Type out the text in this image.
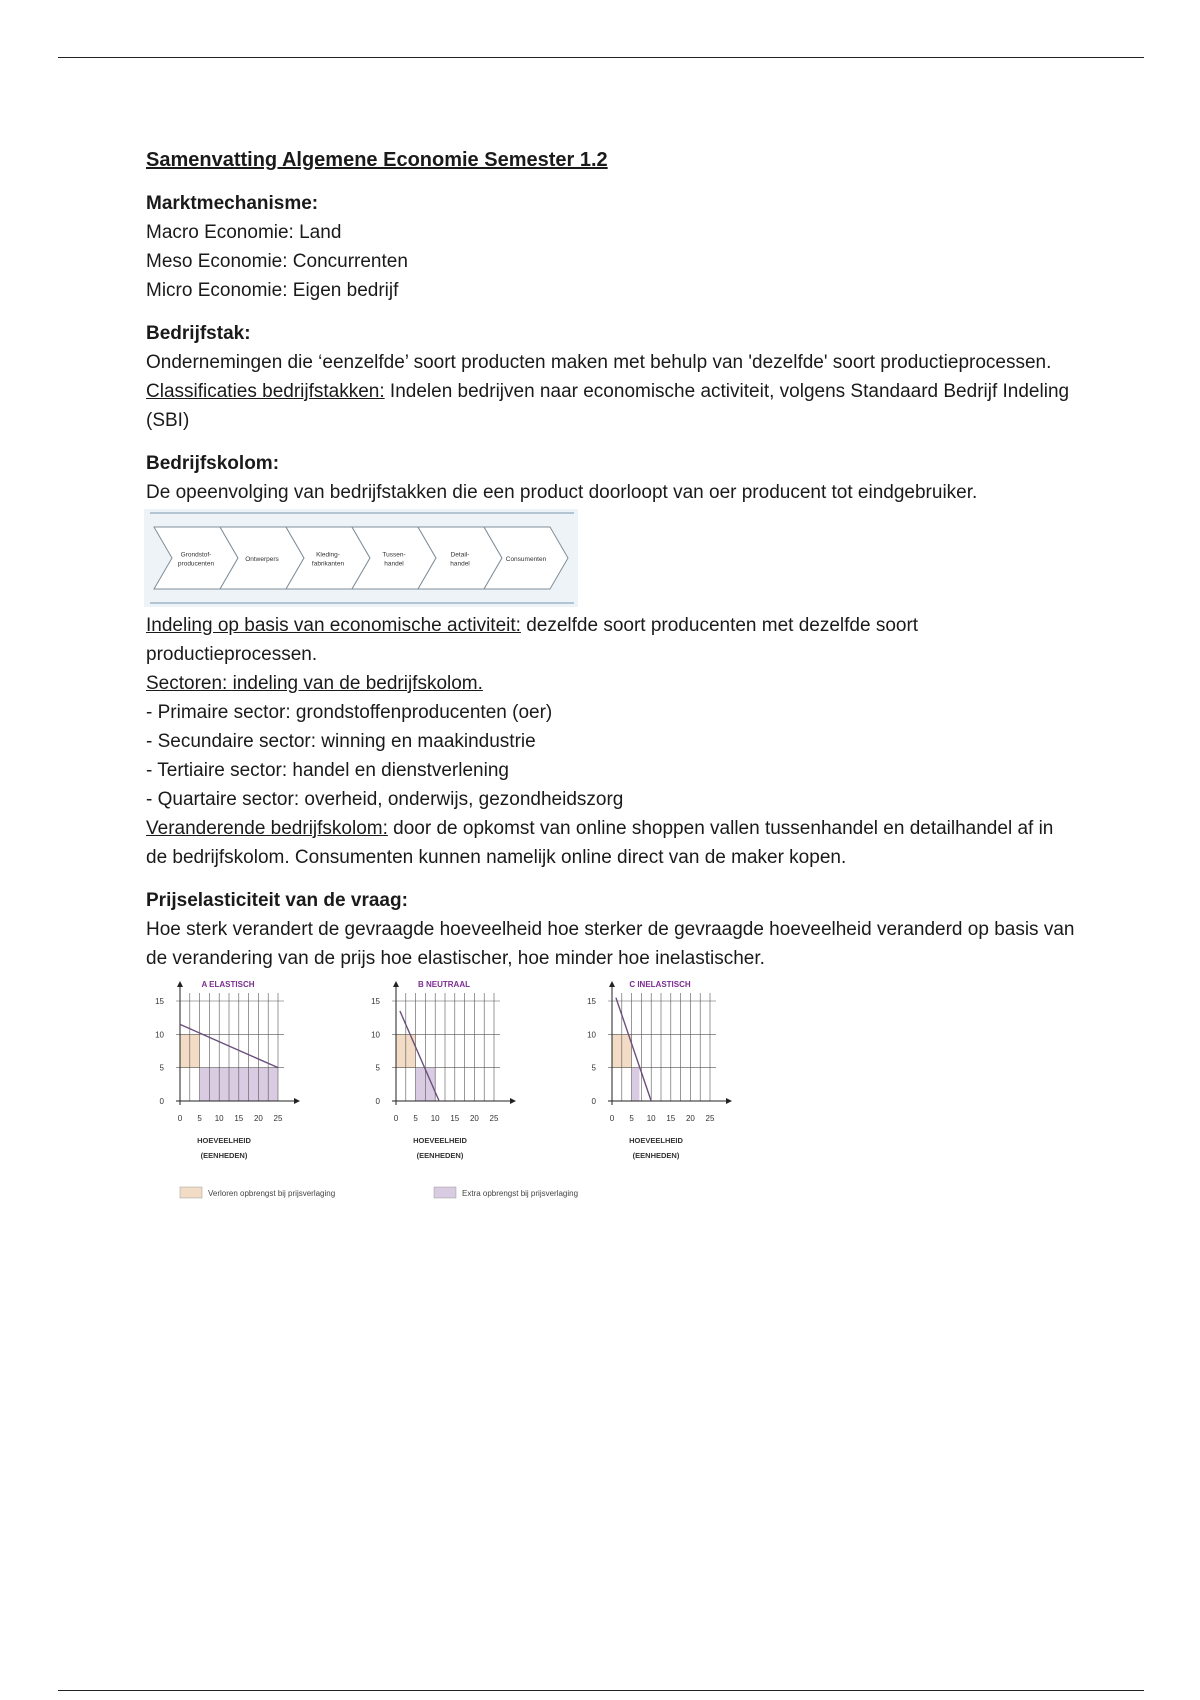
Samenvatting Algemene Economie Semester 1.2

Marktmechanisme:

Macro Economie: Land

Meso Economie: Concurrenten

Micro Economie: Eigen bedrijf

Bedrijfstak:

Ondernemingen die ‘eenzelfde’ soort producten maken met behulp van 'dezelfde' soort productieprocessen.

Classificaties bedrijfstakken: Indelen bedrijven naar economische activiteit, volgens Standaard Bedrijf Indeling (SBI)

Bedrijfskolom:

De opeenvolging van bedrijfstakken die een product doorloopt van oer producent tot eindgebruiker.

Grondstof-
producenten
Ontwerpers
Kleding-
fabrikanten
Tussen-
handel
Detail-
handel
Consumenten

Indeling op basis van economische activiteit: dezelfde soort producenten met dezelfde soort productieprocessen.

Sectoren: indeling van de bedrijfskolom.

- Primaire sector: grondstoffenproducenten (oer)

- Secundaire sector: winning en maakindustrie

- Tertiaire sector: handel en dienstverlening

- Quartaire sector: overheid, onderwijs, gezondheidszorg

Veranderende bedrijfskolom: door de opkomst van online shoppen vallen tussenhandel en detailhandel af in de bedrijfskolom. Consumenten kunnen namelijk online direct van de maker kopen.

Prijselasticiteit van de vraag:

Hoe sterk verandert de gevraagde hoeveelheid hoe sterker de gevraagde hoeveelheid veranderd op basis van de verandering van de prijs hoe elastischer, hoe minder hoe inelastischer.

A ELASTISCH
0
5
10
15
0 5 10 15 20 25
HOEVEELHEID
(EENHEDEN)
B NEUTRAAL
0
5
10
15
0 5 10 15 20 25
HOEVEELHEID
(EENHEDEN)
C INELASTISCH
0
5
10
15
0 5 10 15 20 25
HOEVEELHEID
(EENHEDEN)
Verloren opbrengst bij prijsverlaging	Extra opbrengst bij prijsverlaging
